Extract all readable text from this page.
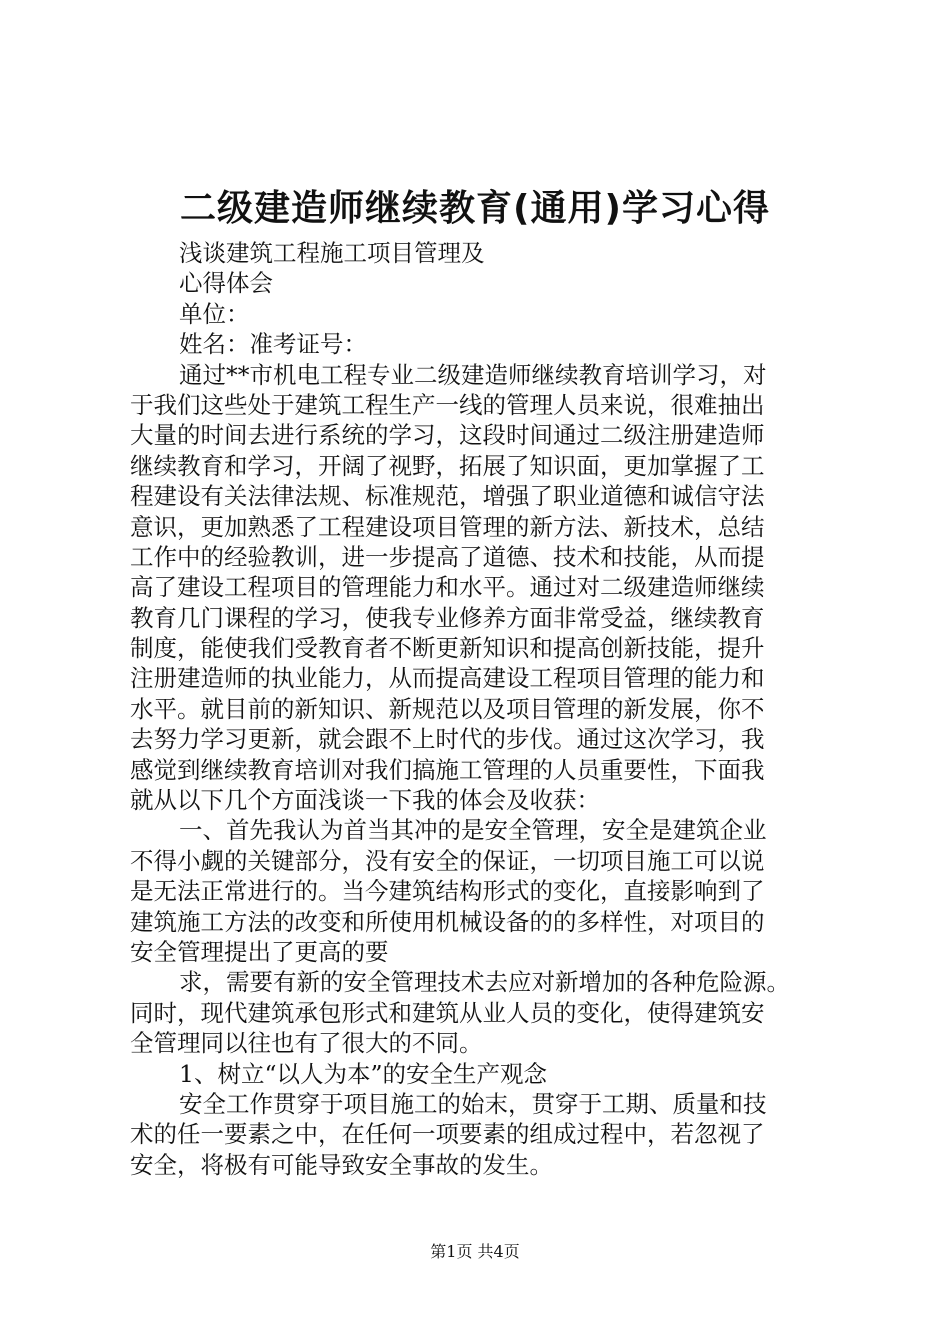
二级建造师继续教育(通用)学习心得
浅谈建筑工程施工项目管理及
心得体会
单位：
姓名：准考证号：
通过**市机电工程专业二级建造师继续教育培训学习，对
于我们这些处于建筑工程生产一线的管理人员来说，很难抽出
大量的时间去进行系统的学习，这段时间通过二级注册建造师
继续教育和学习，开阔了视野，拓展了知识面，更加掌握了工
程建设有关法律法规、标准规范，增强了职业道德和诚信守法
意识，更加熟悉了工程建设项目管理的新方法、新技术，总结
工作中的经验教训，进一步提高了道德、技术和技能，从而提
高了建设工程项目的管理能力和水平。通过对二级建造师继续
教育几门课程的学习，使我专业修养方面非常受益，继续教育
制度，能使我们受教育者不断更新知识和提高创新技能，提升
注册建造师的执业能力，从而提高建设工程项目管理的能力和
水平。就目前的新知识、新规范以及项目管理的新发展，你不
去努力学习更新，就会跟不上时代的步伐。通过这次学习，我
感觉到继续教育培训对我们搞施工管理的人员重要性，下面我
就从以下几个方面浅谈一下我的体会及收获：
一、首先我认为首当其冲的是安全管理，安全是建筑企业
不得小觑的关键部分，没有安全的保证，一切项目施工可以说
是无法正常进行的。当今建筑结构形式的变化，直接影响到了
建筑施工方法的改变和所使用机械设备的的多样性，对项目的
安全管理提出了更高的要
求，需要有新的安全管理技术去应对新增加的各种危险源。
同时，现代建筑承包形式和建筑从业人员的变化，使得建筑安
全管理同以往也有了很大的不同。
1、树立“以人为本”的安全生产观念
安全工作贯穿于项目施工的始末，贯穿于工期、质量和技
术的任一要素之中，在任何一项要素的组成过程中，若忽视了
安全，将极有可能导致安全事故的发生。
第1页 共4页
